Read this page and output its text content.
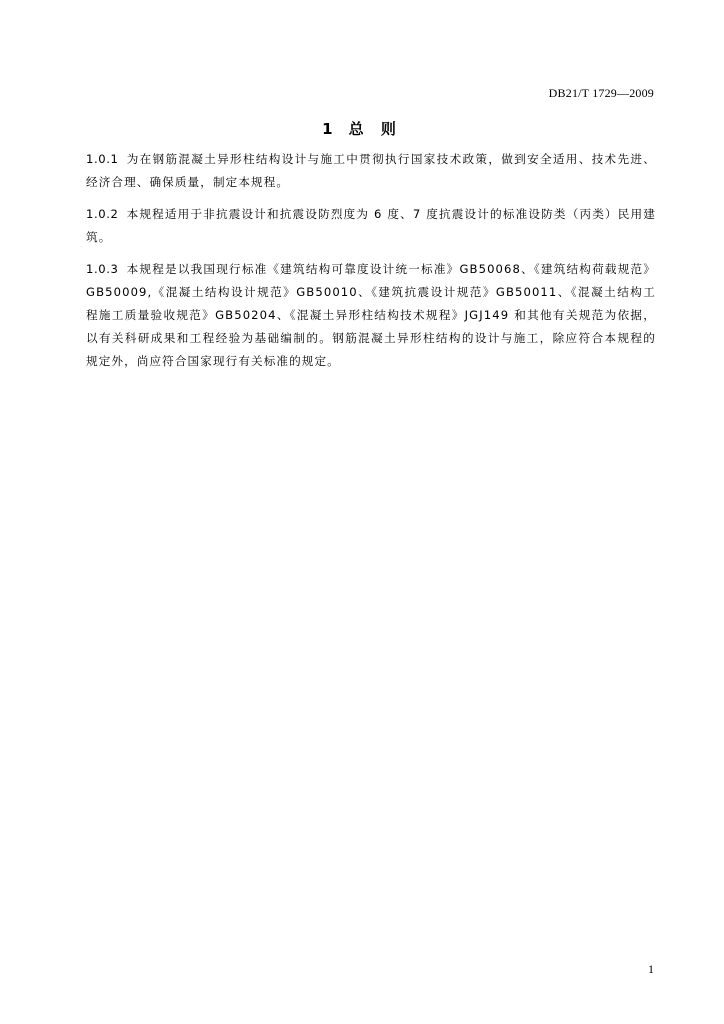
DB21/T 1729—2009
1 总 则

1.0.1 为在钢筋混凝土异形柱结构设计与施工中贯彻执行国家技术政策，做到安全适用、技术先进、经济合理、确保质量，制定本规程。

1.0.2 本规程适用于非抗震设计和抗震设防烈度为 6 度、7 度抗震设计的标准设防类（丙类）民用建筑。

1.0.3 本规程是以我国现行标准《建筑结构可靠度设计统一标准》GB50068、《建筑结构荷载规范》GB50009,《混凝土结构设计规范》GB50010、《建筑抗震设计规范》GB50011、《混凝土结构工程施工质量验收规范》GB50204、《混凝土异形柱结构技术规程》JGJ149 和其他有关规范为依据，以有关科研成果和工程经验为基础编制的。钢筋混凝土异形柱结构的设计与施工，除应符合本规程的规定外，尚应符合国家现行有关标准的规定。

1
